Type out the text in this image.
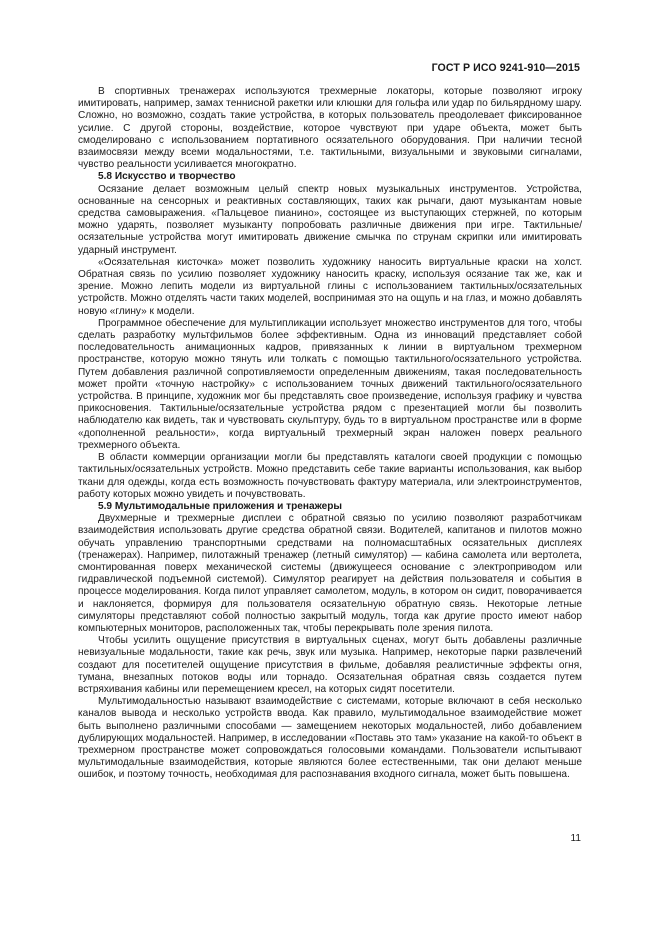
ГОСТ Р ИСО 9241-910—2015

В спортивных тренажерах используются трехмерные локаторы, которые позволяют игроку имитировать, например, замах теннисной ракетки или клюшки для гольфа или удар по бильярдному шару. Сложно, но возможно, создать такие устройства, в которых пользователь преодолевает фиксированное усилие. С другой стороны, воздействие, которое чувствуют при ударе объекта, может быть смоделировано с использованием портативного осязательного оборудования. При наличии тесной взаимосвязи между всеми модальностями, т.е. тактильными, визуальными и звуковыми сигналами, чувство реальности усиливается многократно.

5.8 Искусство и творчество

Осязание делает возможным целый спектр новых музыкальных инструментов. Устройства, основанные на сенсорных и реактивных составляющих, таких как рычаги, дают музыкантам новые средства самовыражения. «Пальцевое пианино», состоящее из выступающих стержней, по которым можно ударять, позволяет музыканту попробовать различные движения при игре. Тактильные/осязательные устройства могут имитировать движение смычка по струнам скрипки или имитировать ударный инструмент.

«Осязательная кисточка» может позволить художнику наносить виртуальные краски на холст. Обратная связь по усилию позволяет художнику наносить краску, используя осязание так же, как и зрение. Можно лепить модели из виртуальной глины с использованием тактильных/осязательных устройств. Можно отделять части таких моделей, воспринимая это на ощупь и на глаз, и можно добавлять новую «глину» к модели.

Программное обеспечение для мультипликации использует множество инструментов для того, чтобы сделать разработку мультфильмов более эффективным. Одна из инноваций представляет собой последовательность анимационных кадров, привязанных к линии в виртуальном трехмерном пространстве, которую можно тянуть или толкать с помощью тактильного/осязательного устройства. Путем добавления различной сопротивляемости определенным движениям, такая последовательность может пройти «точную настройку» с использованием точных движений тактильного/осязательного устройства. В принципе, художник мог бы представлять свое произведение, используя графику и чувства прикосновения. Тактильные/осязательные устройства рядом с презентацией могли бы позволить наблюдателю как видеть, так и чувствовать скульптуру, будь то в виртуальном пространстве или в форме «дополненной реальности», когда виртуальный трехмерный экран наложен поверх реального трехмерного объекта.

В области коммерции организации могли бы представлять каталоги своей продукции с помощью тактильных/осязательных устройств. Можно представить себе такие варианты использования, как выбор ткани для одежды, когда есть возможность почувствовать фактуру материала, или электроинструментов, работу которых можно увидеть и почувствовать.

5.9 Мультимодальные приложения и тренажеры

Двухмерные и трехмерные дисплеи с обратной связью по усилию позволяют разработчикам взаимодействия использовать другие средства обратной связи. Водителей, капитанов и пилотов можно обучать управлению транспортными средствами на полномасштабных осязательных дисплеях (тренажерах). Например, пилотажный тренажер (летный симулятор) — кабина самолета или вертолета, смонтированная поверх механической системы (движущееся основание с электроприводом или гидравлической подъемной системой). Симулятор реагирует на действия пользователя и события в процессе моделирования. Когда пилот управляет самолетом, модуль, в котором он сидит, поворачивается и наклоняется, формируя для пользователя осязательную обратную связь. Некоторые летные симуляторы представляют собой полностью закрытый модуль, тогда как другие просто имеют набор компьютерных мониторов, расположенных так, чтобы перекрывать поле зрения пилота.

Чтобы усилить ощущение присутствия в виртуальных сценах, могут быть добавлены различные невизуальные модальности, такие как речь, звук или музыка. Например, некоторые парки развлечений создают для посетителей ощущение присутствия в фильме, добавляя реалистичные эффекты огня, тумана, внезапных потоков воды или торнадо. Осязательная обратная связь создается путем встряхивания кабины или перемещением кресел, на которых сидят посетители.

Мультимодальностью называют взаимодействие с системами, которые включают в себя несколько каналов вывода и несколько устройств ввода. Как правило, мультимодальное взаимодействие может быть выполнено различными способами — замещением некоторых модальностей, либо добавлением дублирующих модальностей. Например, в исследовании «Поставь это там» указание на какой-то объект в трехмерном пространстве может сопровождаться голосовыми командами. Пользователи испытывают мультимодальные взаимодействия, которые являются более естественными, так они делают меньше ошибок, и поэтому точность, необходимая для распознавания входного сигнала, может быть повышена.

11
